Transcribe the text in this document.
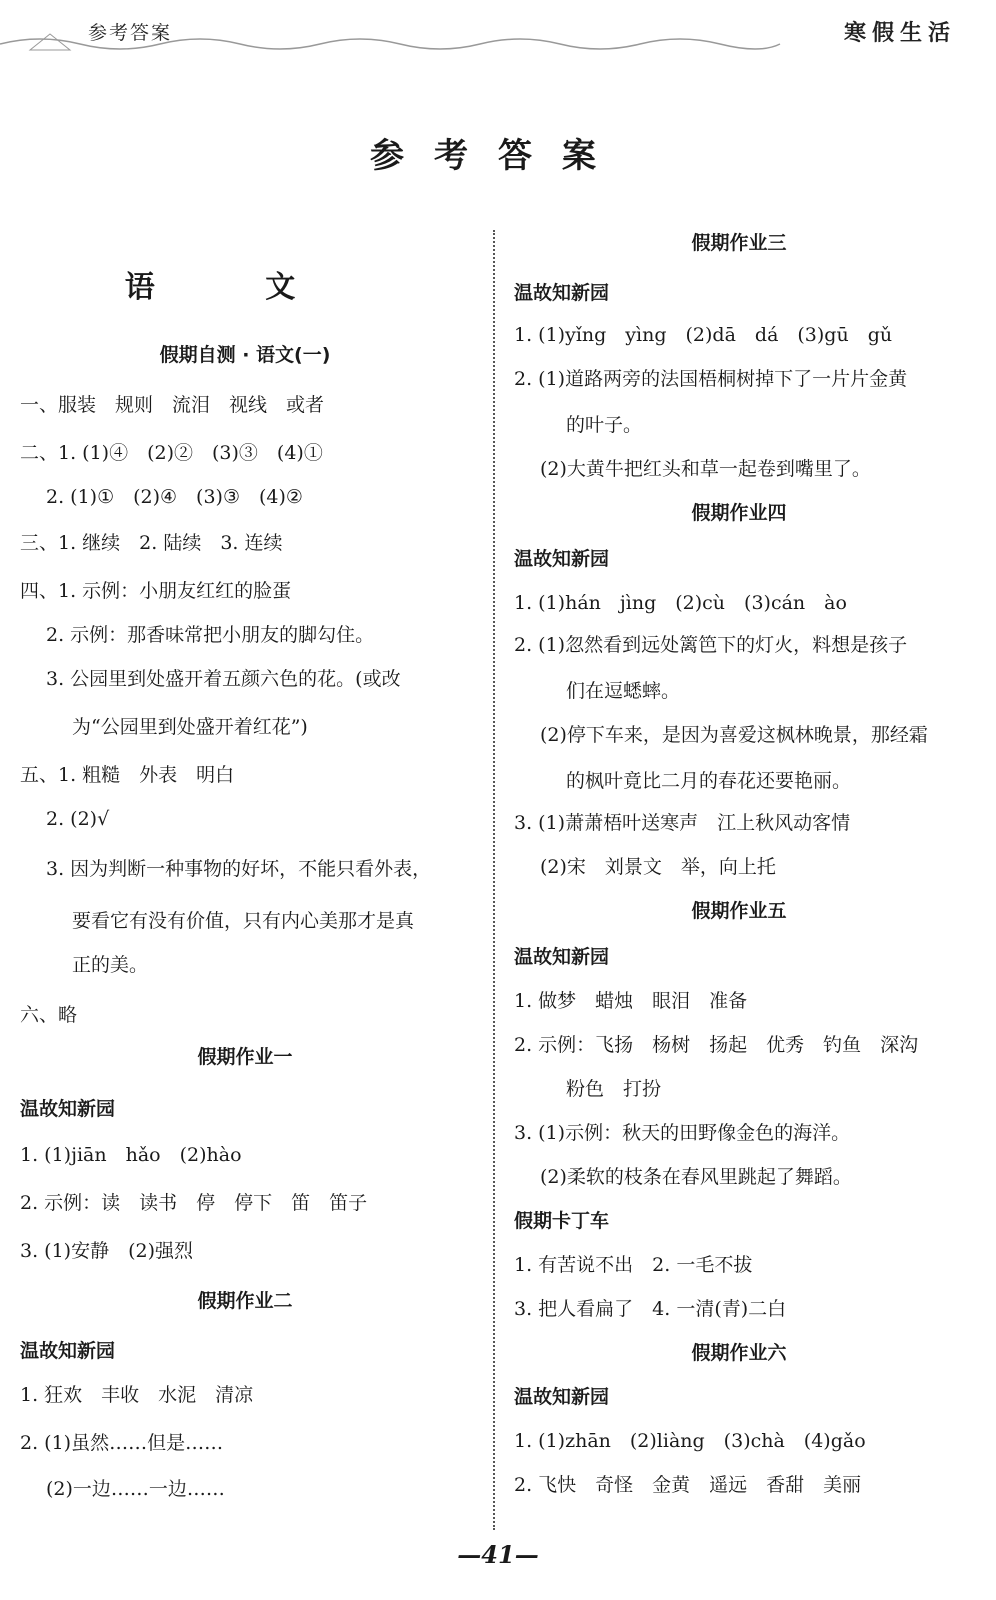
参考答案	寒假生活
参考答案
语 文
假期自测 · 语文(一)
一、服装　规则　流泪　视线　或者
二、1. (1)④　(2)②　(3)③　(4)①
2. (1)①　(2)④　(3)③　(4)②
三、1. 继续　2. 陆续　3. 连续
四、1. 示例：小朋友红红的脸蛋
2. 示例：那香味常把小朋友的脚勾住。
3. 公园里到处盛开着五颜六色的花。(或改
为“公园里到处盛开着红花”)
五、1. 粗糙　外表　明白
2. (2)√
3. 因为判断一种事物的好坏，不能只看外表，
要看它有没有价值，只有内心美那才是真
正的美。
六、略
假期作业一
温故知新园
1. (1)jiān　hǎo　(2)hào
2. 示例：读　读书　停　停下　笛　笛子
3. (1)安静　(2)强烈
假期作业二
温故知新园
1. 狂欢　丰收　水泥　清凉
2. (1)虽然……但是……
(2)一边……一边……
假期作业三
温故知新园
1. (1)yǐng　yìng　(2)dā　dá　(3)gū　gǔ
2. (1)道路两旁的法国梧桐树掉下了一片片金黄
的叶子。
(2)大黄牛把红头和草一起卷到嘴里了。
假期作业四
温故知新园
1. (1)hán　jìng　(2)cù　(3)cán　ào
2. (1)忽然看到远处篱笆下的灯火，料想是孩子
们在逗蟋蟀。
(2)停下车来，是因为喜爱这枫林晚景，那经霜
的枫叶竟比二月的春花还要艳丽。
3. (1)萧萧梧叶送寒声　江上秋风动客情
(2)宋　刘景文　举，向上托
假期作业五
温故知新园
1. 做梦　蜡烛　眼泪　准备
2. 示例：飞扬　杨树　扬起　优秀　钓鱼　深沟
粉色　打扮
3. (1)示例：秋天的田野像金色的海洋。
(2)柔软的枝条在春风里跳起了舞蹈。
假期卡丁车
1. 有苦说不出　2. 一毛不拔
3. 把人看扁了　4. 一清(青)二白
假期作业六
温故知新园
1. (1)zhān　(2)liàng　(3)chà　(4)gǎo
2. 飞快　奇怪　金黄　遥远　香甜　美丽
—41—
